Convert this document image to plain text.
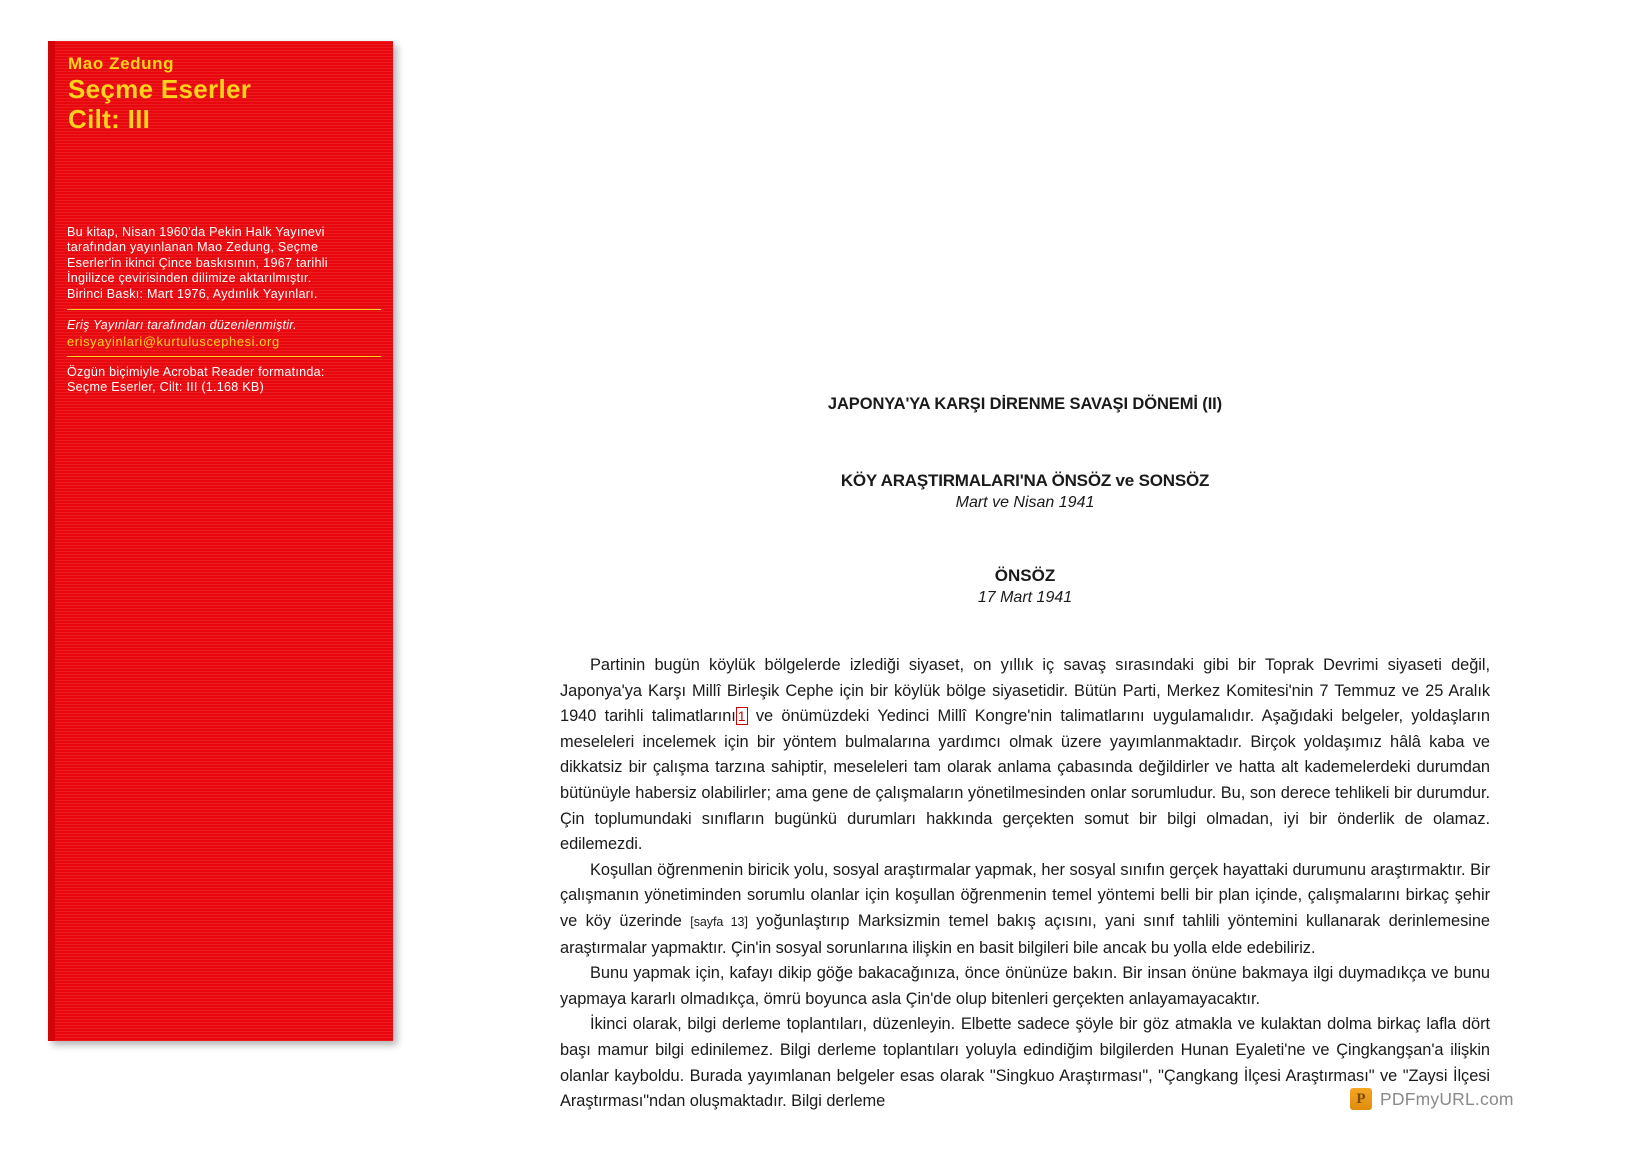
Mao Zedung
Seçme Eserler
Cilt: III

Bu kitap, Nisan 1960'da Pekin Halk Yayınevi

tarafından yayınlanan Mao Zedung, Seçme

Eserler'in ikinci Çince baskısının, 1967 tarihli

İngilizce çevirisinden dilimize aktarılmıştır.

Birinci Baskı: Mart 1976, Aydınlık Yayınları.

Eriş Yayınları tarafından düzenlenmiştir.

erisyayinlari@kurtuluscephesi.org

Özgün biçimiyle Acrobat Reader formatında:

Seçme Eserler, Cilt: III (1.168 KB)

JAPONYA'YA KARŞI DİRENME SAVAŞI DÖNEMİ (II)
KÖY ARAŞTIRMALARI'NA ÖNSÖZ ve SONSÖZ

Mart ve Nisan 1941

ÖNSÖZ

17 Mart 1941

Partinin bugün köylük bölgelerde izlediği siyaset, on yıllık iç savaş sırasındaki gibi bir Toprak Devrimi siyaseti değil, Japonya'ya Karşı Millî Birleşik Cephe için bir köylük bölge siyasetidir. Bütün Parti, Merkez Komitesi'nin 7 Temmuz ve 25 Aralık 1940 tarihli talimatlarını 1 ve önümüzdeki Yedinci Millî Kongre'nin talimatlarını uygulamalıdır. Aşağıdaki belgeler, yoldaşların meseleleri incelemek için bir yöntem bulmalarına yardımcı olmak üzere yayımlanmaktadır. Birçok yoldaşımız hâlâ kaba ve dikkatsiz bir çalışma tarzına sahiptir, meseleleri tam olarak anlama çabasında değildirler ve hatta alt kademelerdeki durumdan bütünüyle habersiz olabilirler; ama gene de çalışmaların yönetilmesinden onlar sorumludur. Bu, son derece tehlikeli bir durumdur. Çin toplumundaki sınıfların bugünkü durumları hakkında gerçekten somut bir bilgi olmadan, iyi bir önderlik de olamaz. edilemezdi.

Koşullan öğrenmenin biricik yolu, sosyal araştırmalar yapmak, her sosyal sınıfın gerçek hayattaki durumunu araştırmaktır. Bir çalışmanın yönetiminden sorumlu olanlar için koşullan öğrenmenin temel yöntemi belli bir plan içinde, çalışmalarını birkaç şehir ve köy üzerinde [sayfa 13] yoğunlaştırıp Marksizmin temel bakış açısını, yani sınıf tahlili yöntemini kullanarak derinlemesine araştırmalar yapmaktır. Çin'in sosyal sorunlarına ilişkin en basit bilgileri bile ancak bu yolla elde edebiliriz.

Bunu yapmak için, kafayı dikip göğe bakacağınıza, önce önünüze bakın. Bir insan önüne bakmaya ilgi duymadıkça ve bunu yapmaya kararlı olmadıkça, ömrü boyunca asla Çin'de olup bitenleri gerçekten anlayamayacaktır.

İkinci olarak, bilgi derleme toplantıları, düzenleyin. Elbette sadece şöyle bir göz atmakla ve kulaktan dolma birkaç lafla dört başı mamur bilgi edinilemez. Bilgi derleme toplantıları yoluyla edindiğim bilgilerden Hunan Eyaleti'ne ve Çingkangşan'a ilişkin olanlar kayboldu. Burada yayımlanan belgeler esas olarak "Singkuo Araştırması", "Çangkang İlçesi Araştırması" ve "Zaysi İlçesi Araştırması"ndan oluşmaktadır. Bilgi derleme	P PDFmyURL.com
